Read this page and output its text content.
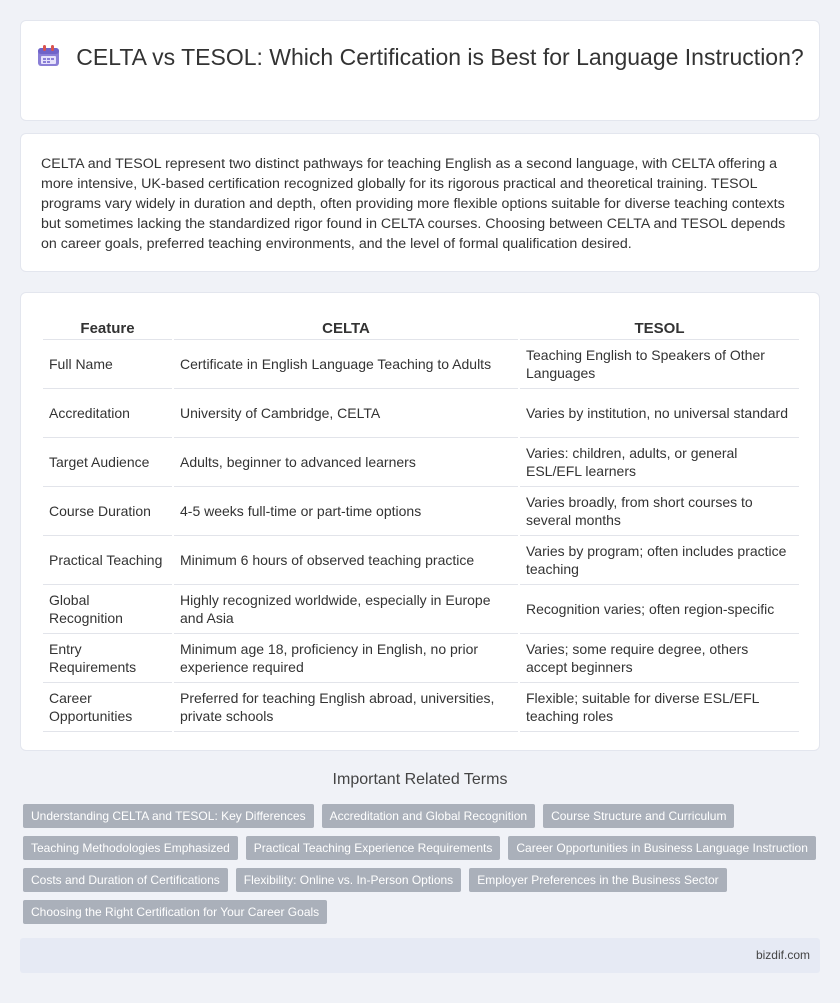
CELTA vs TESOL: Which Certification is Best for Language Instruction?

CELTA and TESOL represent two distinct pathways for teaching English as a second language, with CELTA offering a more intensive, UK-based certification recognized globally for its rigorous practical and theoretical training. TESOL programs vary widely in duration and depth, often providing more flexible options suitable for diverse teaching contexts but sometimes lacking the standardized rigor found in CELTA courses. Choosing between CELTA and TESOL depends on career goals, preferred teaching environments, and the level of formal qualification desired.

Feature	CELTA	TESOL
Full Name	Certificate in English Language Teaching to Adults	Teaching English to Speakers of Other Languages
Accreditation	University of Cambridge, CELTA	Varies by institution, no universal standard
Target Audience	Adults, beginner to advanced learners	Varies: children, adults, or general ESL/EFL learners
Course Duration	4-5 weeks full-time or part-time options	Varies broadly, from short courses to several months
Practical Teaching	Minimum 6 hours of observed teaching practice	Varies by program; often includes practice teaching
Global Recognition	Highly recognized worldwide, especially in Europe and Asia	Recognition varies; often region-specific
Entry Requirements	Minimum age 18, proficiency in English, no prior experience required	Varies; some require degree, others accept beginners
Career Opportunities	Preferred for teaching English abroad, universities, private schools	Flexible; suitable for diverse ESL/EFL teaching roles
Important Related Terms
Understanding CELTA and TESOL: Key Differences	Accreditation and Global Recognition	Course Structure and Curriculum
Teaching Methodologies Emphasized	Practical Teaching Experience Requirements	Career Opportunities in Business Language Instruction
Costs and Duration of Certifications	Flexibility: Online vs. In-Person Options	Employer Preferences in the Business Sector
Choosing the Right Certification for Your Career Goals
bizdif.com
